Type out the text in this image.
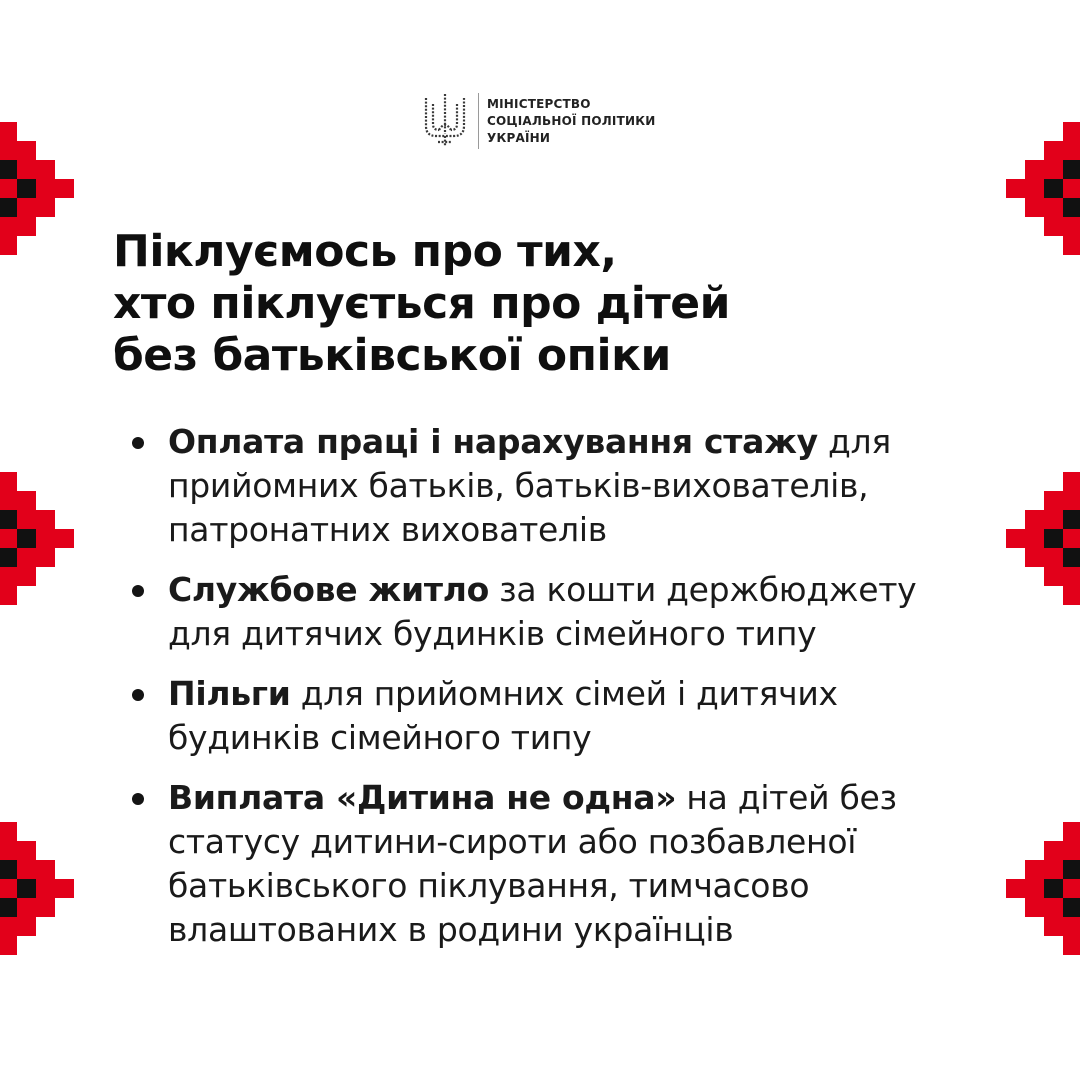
МІНІСТЕРСТВО
СОЦІАЛЬНОЇ ПОЛІТИКИ
УКРАЇНИ
Піклуємось про тих,
хто піклується про дітей
без батьківської опіки
Оплата праці і нарахування стажу для
прийомних батьків, батьків-вихователів,
патронатних вихователів
Службове житло за кошти держбюджету
для дитячих будинків сімейного типу
Пільги для прийомних сімей і дитячих
будинків сімейного типу
Виплата «Дитина не одна» на дітей без
статусу дитини-сироти або позбавленої
батьківського піклування, тимчасово
влаштованих в родини українців
